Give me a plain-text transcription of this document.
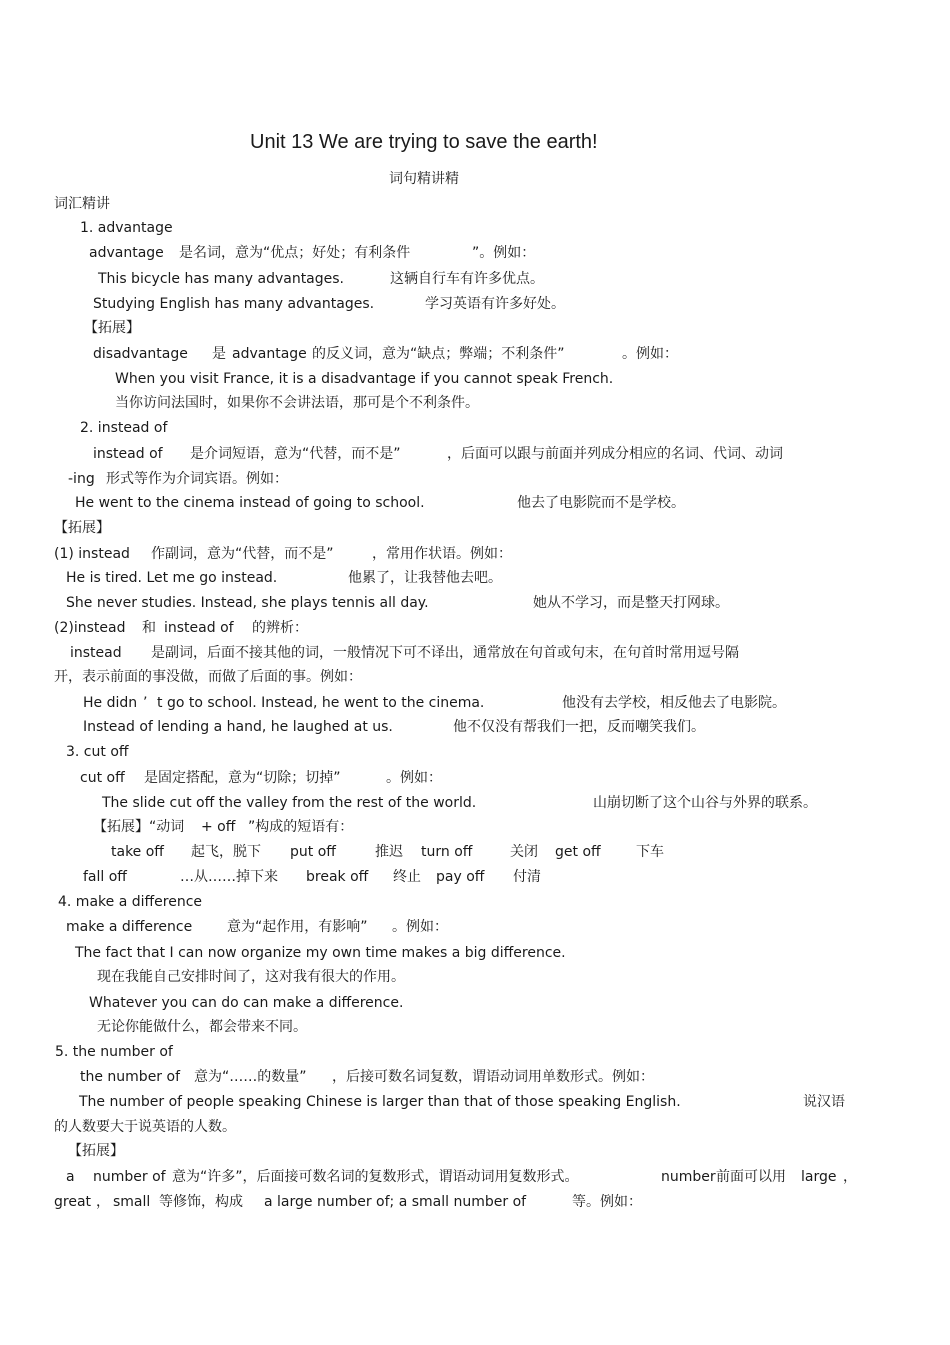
Unit 13 We are trying to save the earth!
词句精讲精
词汇精讲
1. advantage
advantage 是名词，意为“优点；好处；有利条件	”。例如：
This bicycle has many advantages.	这辆自行车有许多优点。
Studying English has many advantages.	学习英语有许多好处。
【拓展】
disadvantage 是 advantage 的反义词，意为“缺点；弊端；不利条件”	。例如：
When you visit France, it is a disadvantage if you cannot speak French.
当你访问法国时，如果你不会讲法语，那可是个不利条件。
2. instead of
instead of 是介词短语，意为“代替，而不是”	，后面可以跟与前面并列成分相应的名词、代词、动词
-ing 形式等作为介词宾语。例如：
He went to the cinema instead of going to school.	他去了电影院而不是学校。
【拓展】
(1) instead 作副词，意为“代替，而不是”	，常用作状语。例如：
He is tired. Let me go instead.	他累了，让我替他去吧。
She never studies. Instead, she plays tennis all day.	她从不学习，而是整天打网球。
(2)instead 和 instead of 的辨析：
instead 是副词，后面不接其他的词，一般情况下可不译出，通常放在句首或句末，在句首时常用逗号隔
开，表示前面的事没做，而做了后面的事。例如：
He didn ’ t go to school. Instead, he went to the cinema.	他没有去学校，相反他去了电影院。
Instead of lending a hand, he laughed at us.	他不仅没有帮我们一把，反而嘲笑我们。
3. cut off
cut off 是固定搭配，意为“切除；切掉”	。例如：
The slide cut off the valley from the rest of the world.	山崩切断了这个山谷与外界的联系。
【拓展】“动词 + off ”构成的短语有：
take off 起飞，脱下 put off	推迟 turn off	关闭 get off	下车
fall off	…从……掉下来 break off 终止 pay off 付清
4. make a difference
make a difference 意为“起作用，有影响” 。例如：
The fact that I can now organize my own time makes a big difference.
现在我能自己安排时间了，这对我有很大的作用。
Whatever you can do can make a difference.
无论你能做什么，都会带来不同。
5. the number of
the number of 意为“……的数量” ，后接可数名词复数，谓语动词用单数形式。例如：
The number of people speaking Chinese is larger than that of those speaking English.	说汉语
的人数要大于说英语的人数。
【拓展】
a number of 意为“许多”，后面接可数名词的复数形式，谓语动词用复数形式。	number 前面可以用 large ，
great ， small 等修饰，构成 a large number of; a small number of	等。例如：
